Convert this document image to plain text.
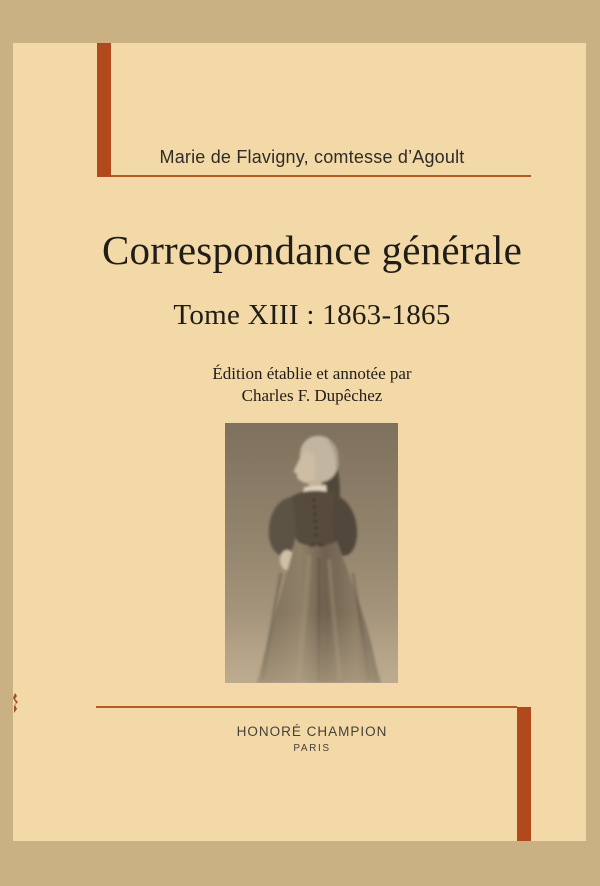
Marie de Flavigny, comtesse d’Agoult
Correspondance générale
Tome XIII : 1863-1865
Édition établie et annotée par
Charles F. Dupêchez
HONORÉ CHAMPION
PARIS
